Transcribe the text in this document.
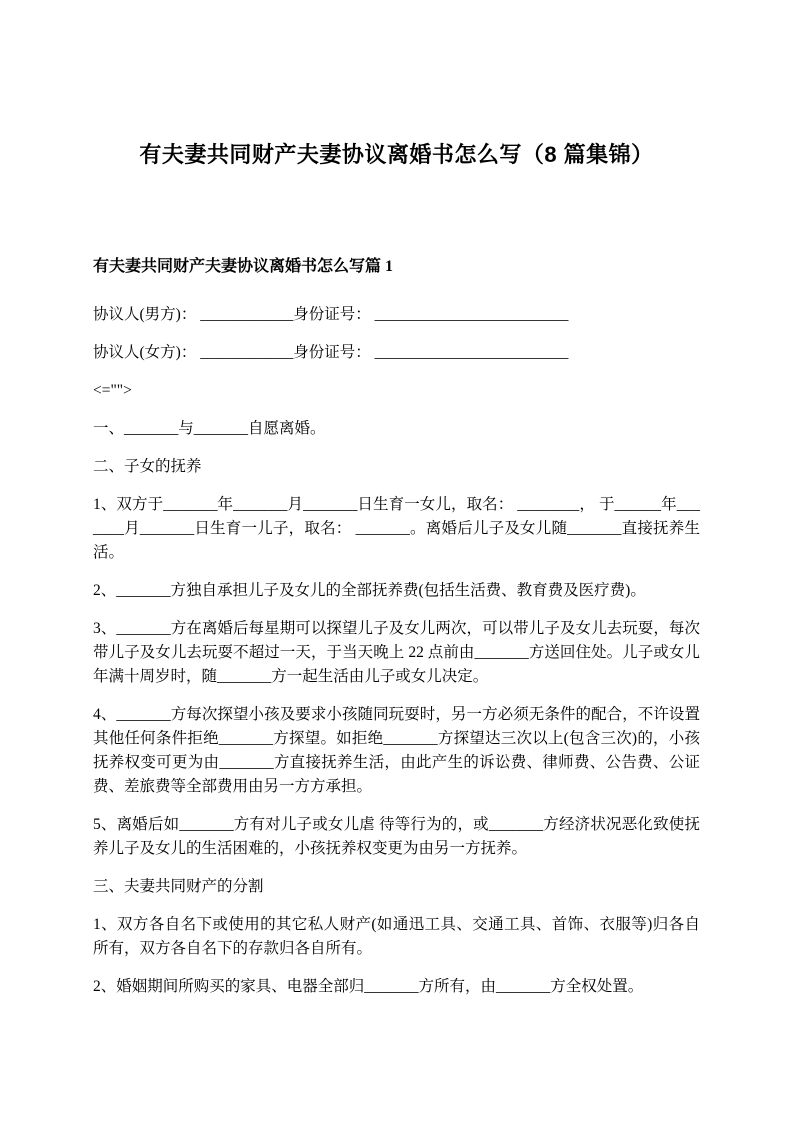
有夫妻共同财产夫妻协议离婚书怎么写（8 篇集锦）
有夫妻共同财产夫妻协议离婚书怎么写篇 1

协议人(男方)： ____________身份证号： _________________________

协议人(女方)： ____________身份证号： _________________________

<="">

一、_______与_______自愿离婚。

二、子女的抚养

1、双方于_______年_______月_______日生育一女儿，取名： ________， 于______年_______月_______日生育一儿子，取名： _______。离婚后儿子及女儿随_______直接抚养生活。

2、_______方独自承担儿子及女儿的全部抚养费(包括生活费、教育费及医疗费)。

3、_______方在离婚后每星期可以探望儿子及女儿两次，可以带儿子及女儿去玩耍，每次带儿子及女儿去玩耍不超过一天，于当天晚上 22 点前由_______方送回住处。儿子或女儿年满十周岁时，随_______方一起生活由儿子或女儿决定。

4、_______方每次探望小孩及要求小孩随同玩耍时，另一方必须无条件的配合，不许设置其他任何条件拒绝_______方探望。如拒绝_______方探望达三次以上(包含三次)的，小孩抚养权变可更为由_______方直接抚养生活，由此产生的诉讼费、律师费、公告费、公证费、差旅费等全部费用由另一方方承担。

5、离婚后如_______方有对儿子或女儿虐 待等行为的，或_______方经济状况恶化致使抚养儿子及女儿的生活困难的，小孩抚养权变更为由另一方抚养。

三、夫妻共同财产的分割

1、双方各自名下或使用的其它私人财产(如通迅工具、交通工具、首饰、衣服等)归各自所有，双方各自名下的存款归各自所有。

2、婚姻期间所购买的家具、电器全部归_______方所有，由_______方全权处置。
